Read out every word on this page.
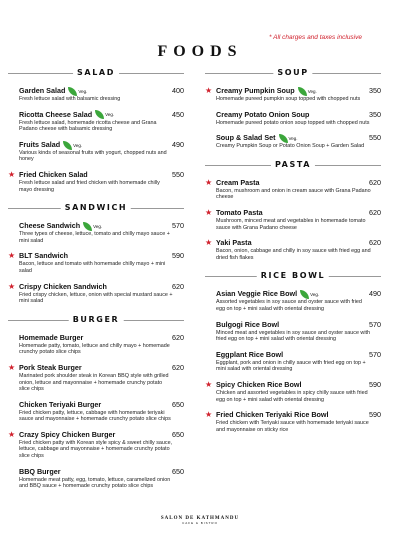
* All charges and taxes inclusive
FOODS
SALAD
Garden Salad	Veg.	400
Fresh lettuce salad with balsamic dressing
Ricotta Cheese Salad	Veg.	450
Fresh lettuce salad, homemade ricotta cheese and Grana Padano cheese with balsamic dressing
Fruits Salad	Veg.	490
Various kinds of seasonal fruits with yogurt, chopped nuts and honey
★ Fried Chicken Salad	550
Fresh lettuce salad and fried chicken with homemade chilly mayo dressing
SANDWICH
Cheese Sandwich	Veg.	570
Three types of cheese, lettuce, tomato and chilly mayo sauce + mini salad
★ BLT Sandwich	590
Bacon, lettuce and tomato with homemade chilly mayo + mini salad
★ Crispy Chicken Sandwich	620
Fried crispy chicken, lettuce, onion with special mustard sauce + mini salad
BURGER
Homemade Burger	620
Homemade patty, tomato, lettuce and chilly mayo + homemade crunchy potato slice chips
★ Pork Steak Burger	620
Marinated pork shoulder steak in Korean BBQ style with grilled onion, lettuce and mayonnaise + homemade crunchy potato slice chips
Chicken Teriyaki Burger	650
Fried chicken patty, lettuce, cabbage with homemade teriyaki sauce and mayonnaise + homemade crunchy potato slice chips
★ Crazy Spicy Chicken Burger	650
Fried chicken patty with Korean style spicy & sweet chilly sauce, lettuce, cabbage and mayonnaise + homemade crunchy potato slice chips
BBQ Burger	650
Homemade meat patty, egg, tomato, lettuce, caramelized onion and BBQ sauce + homemade crunchy potato slice chips
SOUP
★ Creamy Pumpkin Soup	Veg.	350
Homemade pureed pumpkin soup topped with chopped nuts
Creamy Potato Onion Soup	350
Homemade pureed potato onion soup topped with chopped nuts
Soup & Salad Set	Veg.	550
Creamy Pumpkin Soup or Potato Onion Soup + Garden Salad
PASTA
★ Cream Pasta	620
Bacon, mushroom and onion in cream sauce with Grana Padano cheese
★ Tomato Pasta	620
Mushroom, minced meat and vegetables in homemade tomato sauce with Grana Padano cheese
★ Yaki Pasta	620
Bacon, onion, cabbage and chilly in soy sauce with fried egg and dried fish flakes
RICE BOWL
Asian Veggie Rice Bowl	Veg.	490
Assorted vegetables in soy sauce and oyster sauce with fried egg on top + mini salad with oriental dressing
Bulgogi Rice Bowl	570
Minced meat and vegetables in soy sauce and oyster sauce with fried egg on top + mini salad with oriental dressing
Eggplant Rice Bowl	570
Eggplant, pork and onion in chilly sauce with fried egg on top + mini salad with oriental dressing
★ Spicy Chicken Rice Bowl	590
Chicken and assorted vegetables in spicy chilly sauce with fried egg on top + mini salad with oriental dressing
★ Fried Chicken Teriyaki Rice Bowl	590
Fried chicken with Teriyaki sauce with homemade teriyaki sauce and mayonnaise on sticky rice
SALON DE KATHMANDU
CAFE & BISTRO
